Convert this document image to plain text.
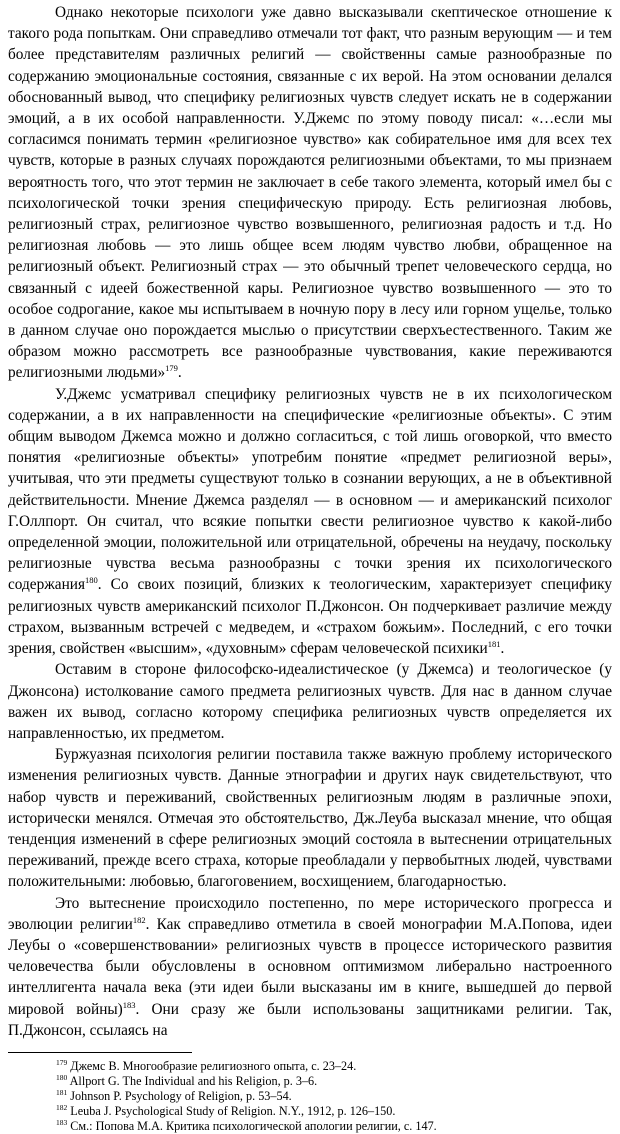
Однако некоторые психологи уже давно высказывали скептическое отношение к такого рода попыткам. Они справедливо отмечали тот факт, что разным верующим — и тем более представителям различных религий — свойственны самые разнообразные по содержанию эмоциональные состояния, связанные с их верой. На этом основании делался обоснованный вывод, что специфику религиозных чувств следует искать не в содержании эмоций, а в их особой направленности. У.Джемс по этому поводу писал: «…если мы согласимся понимать термин «религиозное чувство» как собирательное имя для всех тех чувств, которые в разных случаях порождаются религиозными объектами, то мы признаем вероятность того, что этот термин не заключает в себе такого элемента, который имел бы с психологической точки зрения специфическую природу. Есть религиозная любовь, религиозный страх, религиозное чувство возвышенного, религиозная радость и т.д. Но религиозная любовь — это лишь общее всем людям чувство любви, обращенное на религиозный объект. Религиозный страх — это обычный трепет человеческого сердца, но связанный с идеей божественной кары. Религиозное чувство возвышенного — это то особое содрогание, какое мы испытываем в ночную пору в лесу или горном ущелье, только в данном случае оно порождается мыслью о присутствии сверхъестественного. Таким же образом можно рассмотреть все разнообразные чувствования, какие переживаются религиозными людьми»$^{179}$.

У.Джемс усматривал специфику религиозных чувств не в их психологическом содержании, а в их направленности на специфические «религиозные объекты». С этим общим выводом Джемса можно и должно согласиться, с той лишь оговоркой, что вместо понятия «религиозные объекты» употребим понятие «предмет религиозной веры», учитывая, что эти предметы существуют только в сознании верующих, а не в объективной действительности. Мнение Джемса разделял — в основном — и американский психолог Г.Оллпорт. Он считал, что всякие попытки свести религиозное чувство к какой-либо определенной эмоции, положительной или отрицательной, обречены на неудачу, поскольку религиозные чувства весьма разнообразны с точки зрения их психологического содержания$^{180}$. Со своих позиций, близких к теологическим, характеризует специфику религиозных чувств американский психолог П.Джонсон. Он подчеркивает различие между страхом, вызванным встречей с медведем, и «страхом божьим». Последний, с его точки зрения, свойствен «высшим», «духовным» сферам человеческой психики$^{181}$.

Оставим в стороне философско-идеалистическое (у Джемса) и теологическое (у Джонсона) истолкование самого предмета религиозных чувств. Для нас в данном случае важен их вывод, согласно которому специфика религиозных чувств определяется их направленностью, их предметом.

Буржуазная психология религии поставила также важную проблему исторического изменения религиозных чувств. Данные этнографии и других наук свидетельствуют, что набор чувств и переживаний, свойственных религиозным людям в различные эпохи, исторически менялся. Отмечая это обстоятельство, Дж.Леуба высказал мнение, что общая тенденция изменений в сфере религиозных эмоций состояла в вытеснении отрицательных переживаний, прежде всего страха, которые преобладали у первобытных людей, чувствами положительными: любовью, благоговением, восхищением, благодарностью.

Это вытеснение происходило постепенно, по мере исторического прогресса и эволюции религии$^{182}$. Как справедливо отметила в своей монографии М.А.Попова, идеи Леубы о «совершенствовании» религиозных чувств в процессе исторического развития человечества были обусловлены в основном оптимизмом либерально настроенного интеллигента начала века (эти идеи были высказаны им в книге, вышедшей до первой мировой войны)$^{183}$. Они сразу же были использованы защитниками религии. Так, П.Джонсон, ссылаясь на

$^{179}$ Джемс В. Многообразие религиозного опыта, с. 23–24.
$^{180}$ Allport G. The Individual and his Religion, p. 3–6.
$^{181}$ Johnson P. Psychology of Religion, p. 53–54.
$^{182}$ Leuba J. Psychological Study of Religion. N.Y., 1912, p. 126–150.
$^{183}$ См.: Попова М.А. Критика психологической апологии религии, с. 147.
